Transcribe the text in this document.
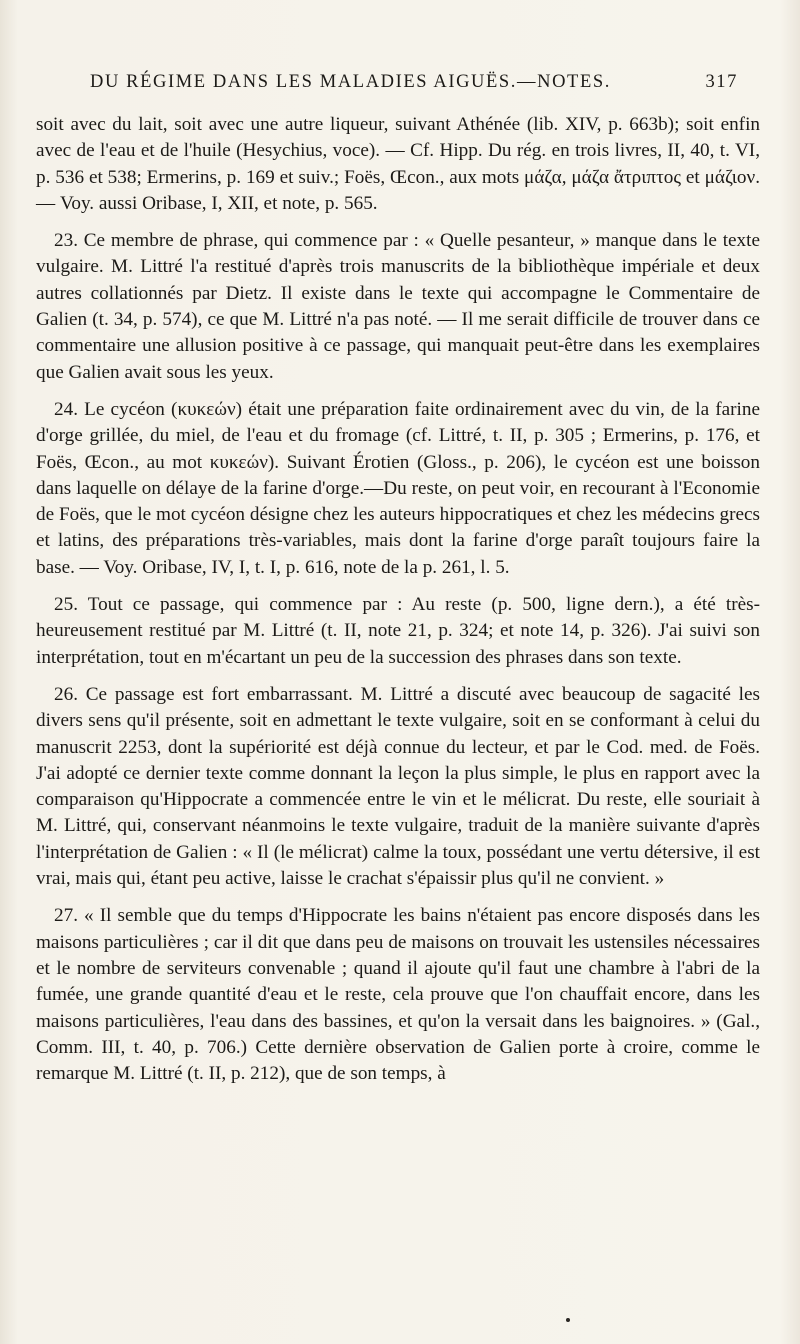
DU RÉGIME DANS LES MALADIES AIGUËS.—NOTES.	317

soit avec du lait, soit avec une autre liqueur, suivant Athénée (lib. XIV, p. 663b); soit enfin avec de l'eau et de l'huile (Hesychius, voce). — Cf. Hipp. Du rég. en trois livres, II, 40, t. VI, p. 536 et 538; Ermerins, p. 169 et suiv.; Foës, Œcon., aux mots μάζα, μάζα ἄτριπτος et μάζιον. — Voy. aussi Oribase, I, XII, et note, p. 565.

23. Ce membre de phrase, qui commence par : « Quelle pesanteur, » manque dans le texte vulgaire. M. Littré l'a restitué d'après trois manuscrits de la bibliothèque impériale et deux autres collationnés par Dietz. Il existe dans le texte qui accompagne le Commentaire de Galien (t. 34, p. 574), ce que M. Littré n'a pas noté. — Il me serait difficile de trouver dans ce commentaire une allusion positive à ce passage, qui manquait peut-être dans les exemplaires que Galien avait sous les yeux.

24. Le cycéon (κυκεών) était une préparation faite ordinairement avec du vin, de la farine d'orge grillée, du miel, de l'eau et du fromage (cf. Littré, t. II, p. 305 ; Ermerins, p. 176, et Foës, Œcon., au mot κυκεών). Suivant Érotien (Gloss., p. 206), le cycéon est une boisson dans laquelle on délaye de la farine d'orge.—Du reste, on peut voir, en recourant à l'Economie de Foës, que le mot cycéon désigne chez les auteurs hippocratiques et chez les médecins grecs et latins, des préparations très-variables, mais dont la farine d'orge paraît toujours faire la base. — Voy. Oribase, IV, I, t. I, p. 616, note de la p. 261, l. 5.

25. Tout ce passage, qui commence par : Au reste (p. 500, ligne dern.), a été très-heureusement restitué par M. Littré (t. II, note 21, p. 324; et note 14, p. 326). J'ai suivi son interprétation, tout en m'écartant un peu de la succession des phrases dans son texte.

26. Ce passage est fort embarrassant. M. Littré a discuté avec beaucoup de sagacité les divers sens qu'il présente, soit en admettant le texte vulgaire, soit en se conformant à celui du manuscrit 2253, dont la supériorité est déjà connue du lecteur, et par le Cod. med. de Foës. J'ai adopté ce dernier texte comme donnant la leçon la plus simple, le plus en rapport avec la comparaison qu'Hippocrate a commencée entre le vin et le mélicrat. Du reste, elle souriait à M. Littré, qui, conservant néanmoins le texte vulgaire, traduit de la manière suivante d'après l'interprétation de Galien : « Il (le mélicrat) calme la toux, possédant une vertu détersive, il est vrai, mais qui, étant peu active, laisse le crachat s'épaissir plus qu'il ne convient. »

27. « Il semble que du temps d'Hippocrate les bains n'étaient pas encore disposés dans les maisons particulières ; car il dit que dans peu de maisons on trouvait les ustensiles nécessaires et le nombre de serviteurs convenable ; quand il ajoute qu'il faut une chambre à l'abri de la fumée, une grande quantité d'eau et le reste, cela prouve que l'on chauffait encore, dans les maisons particulières, l'eau dans des bassines, et qu'on la versait dans les baignoires. » (Gal., Comm. III, t. 40, p. 706.) Cette dernière observation de Galien porte à croire, comme le remarque M. Littré (t. II, p. 212), que de son temps, à
